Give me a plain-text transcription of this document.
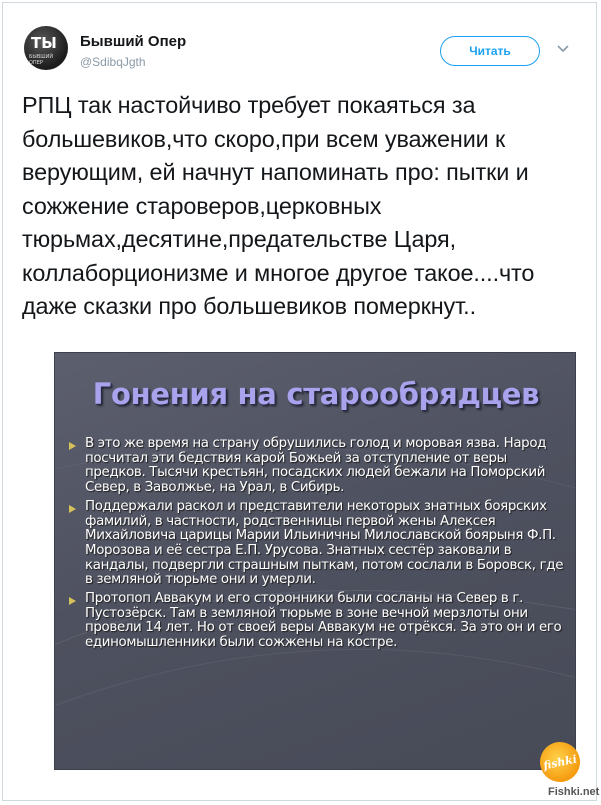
ТЫ
БЫВШИЙ ОПЕР
Бывший Опер
@SdibqJgth
Читать
РПЦ так настойчиво требует покаяться за большевиков,что скоро,при всем уважении к верующим, ей начнут напоминать про: пытки и сожжение староверов,церковных тюрьмах,десятине,предательстве Царя, коллаборционизме и многое другое такое....что даже сказки про большевиков померкнут..
Гонения на старообрядцев
В это же время на страну обрушились голод и моровая язва. Народ посчитал эти бедствия карой Божьей за отступление от веры предков. Тысячи крестьян, посадских людей бежали на Поморский Север, в Заволжье, на Урал, в Сибирь.
Поддержали раскол и представители некоторых знатных боярских фамилий, в частности, родственницы первой жены Алексея Михайловича царицы Марии Ильиничны Милославской боярыня Ф.П. Морозова и её сестра Е.П. Урусова. Знатных сестёр заковали в кандалы, подвергли страшным пыткам, потом сослали в Боровск, где в земляной тюрьме они и умерли.
Протопоп Аввакум и его сторонники были сосланы на Север в г. Пустозёрск. Там в земляной тюрьме в зоне вечной мерзлоты они провели 14 лет. Но от своей веры Аввакум не отрёкся. За это он и его единомышленники были сожжены на костре.
fishki
Fishki.net
